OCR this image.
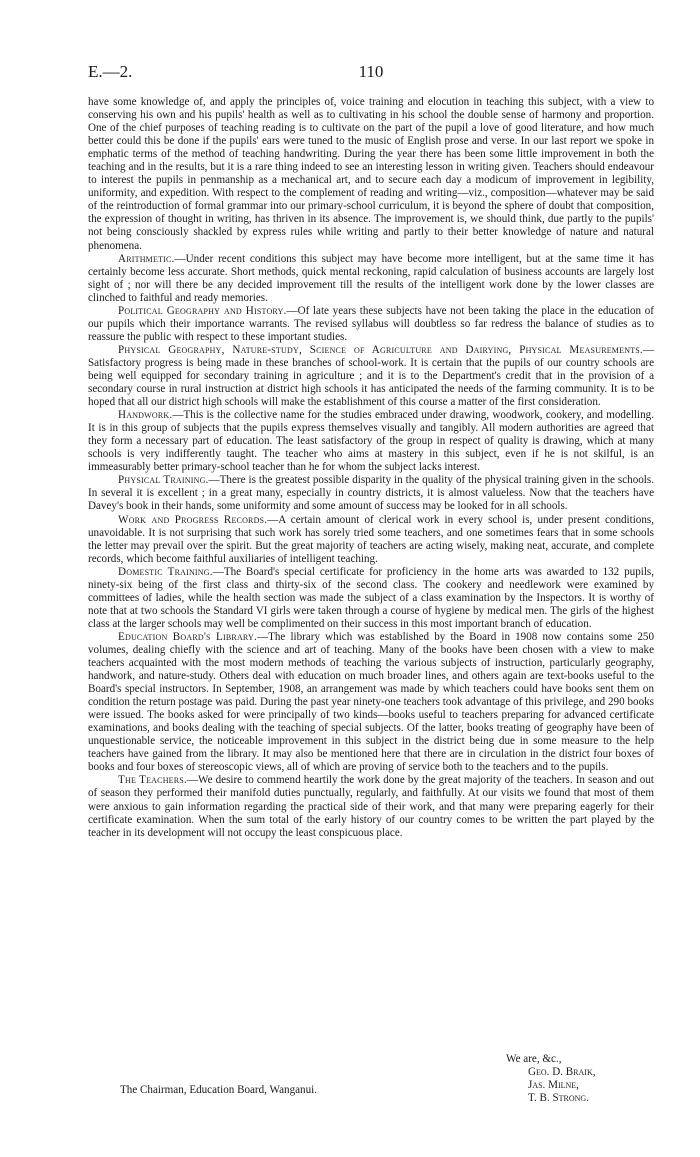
E.—2.	110

have some knowledge of, and apply the principles of, voice training and elocution in teaching this subject, with a view to conserving his own and his pupils' health as well as to cultivating in his school the double sense of harmony and proportion. One of the chief purposes of teaching reading is to cultivate on the part of the pupil a love of good literature, and how much better could this be done if the pupils' ears were tuned to the music of English prose and verse. In our last report we spoke in emphatic terms of the method of teaching handwriting. During the year there has been some little improvement in both the teaching and in the results, but it is a rare thing indeed to see an interesting lesson in writing given. Teachers should endeavour to interest the pupils in penmanship as a mechanical art, and to secure each day a modicum of improvement in legibility, uniformity, and expedition. With respect to the complement of reading and writing—viz., composition—whatever may be said of the reintroduction of formal grammar into our primary-school curriculum, it is beyond the sphere of doubt that composition, the expression of thought in writing, has thriven in its absence. The improvement is, we should think, due partly to the pupils' not being consciously shackled by express rules while writing and partly to their better knowledge of nature and natural phenomena.

Arithmetic.—Under recent conditions this subject may have become more intelligent, but at the same time it has certainly become less accurate. Short methods, quick mental reckoning, rapid calculation of business accounts are largely lost sight of ; nor will there be any decided improvement till the results of the intelligent work done by the lower classes are clinched to faithful and ready memories.

Political Geography and History.—Of late years these subjects have not been taking the place in the education of our pupils which their importance warrants. The revised syllabus will doubtless so far redress the balance of studies as to reassure the public with respect to these important studies.

Physical Geography, Nature-study, Science of Agriculture and Dairying, Physical Measurements.—Satisfactory progress is being made in these branches of school-work. It is certain that the pupils of our country schools are being well equipped for secondary training in agriculture ; and it is to the Department's credit that in the provision of a secondary course in rural instruction at district high schools it has anticipated the needs of the farming community. It is to be hoped that all our district high schools will make the establishment of this course a matter of the first consideration.

Handwork.—This is the collective name for the studies embraced under drawing, woodwork, cookery, and modelling. It is in this group of subjects that the pupils express themselves visually and tangibly. All modern authorities are agreed that they form a necessary part of education. The least satisfactory of the group in respect of quality is drawing, which at many schools is very indifferently taught. The teacher who aims at mastery in this subject, even if he is not skilful, is an immeasurably better primary-school teacher than he for whom the subject lacks interest.

Physical Training.—There is the greatest possible disparity in the quality of the physical training given in the schools. In several it is excellent ; in a great many, especially in country districts, it is almost valueless. Now that the teachers have Davey's book in their hands, some uniformity and some amount of success may be looked for in all schools.

Work and Progress Records.—A certain amount of clerical work in every school is, under present conditions, unavoidable. It is not surprising that such work has sorely tried some teachers, and one sometimes fears that in some schools the letter may prevail over the spirit. But the great majority of teachers are acting wisely, making neat, accurate, and complete records, which become faithful auxiliaries of intelligent teaching.

Domestic Training.—The Board's special certificate for proficiency in the home arts was awarded to 132 pupils, ninety-six being of the first class and thirty-six of the second class. The cookery and needlework were examined by committees of ladies, while the health section was made the subject of a class examination by the Inspectors. It is worthy of note that at two schools the Standard VI girls were taken through a course of hygiene by medical men. The girls of the highest class at the larger schools may well be complimented on their success in this most important branch of education.

Education Board's Library.—The library which was established by the Board in 1908 now contains some 250 volumes, dealing chiefly with the science and art of teaching. Many of the books have been chosen with a view to make teachers acquainted with the most modern methods of teaching the various subjects of instruction, particularly geography, handwork, and nature-study. Others deal with education on much broader lines, and others again are text-books useful to the Board's special instructors. In September, 1908, an arrangement was made by which teachers could have books sent them on condition the return postage was paid. During the past year ninety-one teachers took advantage of this privilege, and 290 books were issued. The books asked for were principally of two kinds—books useful to teachers preparing for advanced certificate examinations, and books dealing with the teaching of special subjects. Of the latter, books treating of geography have been of unquestionable service, the noticeable improvement in this subject in the district being due in some measure to the help teachers have gained from the library. It may also be mentioned here that there are in circulation in the district four boxes of books and four boxes of stereoscopic views, all of which are proving of service both to the teachers and to the pupils.

The Teachers.—We desire to commend heartily the work done by the great majority of the teachers. In season and out of season they performed their manifold duties punctually, regularly, and faithfully. At our visits we found that most of them were anxious to gain information regarding the practical side of their work, and that many were preparing eagerly for their certificate examination. When the sum total of the early history of our country comes to be written the part played by the teacher in its development will not occupy the least conspicuous place.

We are, &c.,
Geo. D. Braik,
Jas. Milne,
T. B. Strong.
The Chairman, Education Board, Wanganui.
